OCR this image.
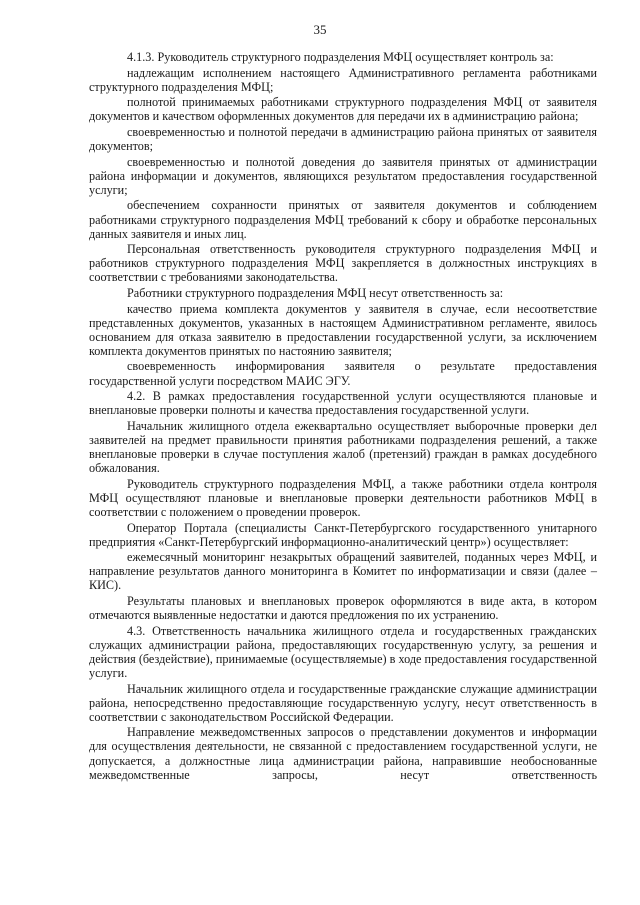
35

4.1.3. Руководитель структурного подразделения МФЦ осуществляет контроль за:

надлежащим исполнением настоящего Административного регламента работниками структурного подразделения МФЦ;

полнотой принимаемых работниками структурного подразделения МФЦ от заявителя документов и качеством оформленных документов для передачи их в администрацию района;

своевременностью и полнотой передачи в администрацию района принятых от заявителя документов;

своевременностью и полнотой доведения до заявителя принятых от администрации района информации и документов, являющихся результатом предоставления государственной услуги;

обеспечением сохранности принятых от заявителя документов и соблюдением работниками структурного подразделения МФЦ требований к сбору и обработке персональных данных заявителя и иных лиц.

Персональная ответственность руководителя структурного подразделения МФЦ и работников структурного подразделения МФЦ закрепляется в должностных инструкциях в соответствии с требованиями законодательства.

Работники структурного подразделения МФЦ несут ответственность за:

качество приема комплекта документов у заявителя в случае, если несоответствие представленных документов, указанных в настоящем Административном регламенте, явилось основанием для отказа заявителю в предоставлении государственной услуги, за исключением комплекта документов принятых по настоянию заявителя;

своевременность информирования заявителя о результате предоставления государственной услуги посредством МАИС ЭГУ.

4.2. В рамках предоставления государственной услуги осуществляются плановые и внеплановые проверки полноты и качества предоставления государственной услуги.

Начальник жилищного отдела ежеквартально осуществляет выборочные проверки дел заявителей на предмет правильности принятия работниками подразделения решений, а также внеплановые проверки в случае поступления жалоб (претензий) граждан в рамках досудебного обжалования.

Руководитель структурного подразделения МФЦ, а также работники отдела контроля МФЦ осуществляют плановые и внеплановые проверки деятельности работников МФЦ в соответствии с положением о проведении проверок.

Оператор Портала (специалисты Санкт-Петербургского государственного унитарного предприятия «Санкт-Петербургский информационно-аналитический центр») осуществляет:

ежемесячный мониторинг незакрытых обращений заявителей, поданных через МФЦ, и направление результатов данного мониторинга в Комитет по информатизации и связи (далее – КИС).

Результаты плановых и внеплановых проверок оформляются в виде акта, в котором отмечаются выявленные недостатки и даются предложения по их устранению.

4.3. Ответственность начальника жилищного отдела и государственных гражданских служащих администрации района, предоставляющих государственную услугу, за решения и действия (бездействие), принимаемые (осуществляемые) в ходе предоставления государственной услуги.

Начальник жилищного отдела и государственные гражданские служащие администрации района, непосредственно предоставляющие государственную услугу, несут ответственность в соответствии с законодательством Российской Федерации.

Направление межведомственных запросов о представлении документов и информации для осуществления деятельности, не связанной с предоставлением государственной услуги, не допускается, а должностные лица администрации района, направившие необоснованные межведомственные запросы, несут ответственность
